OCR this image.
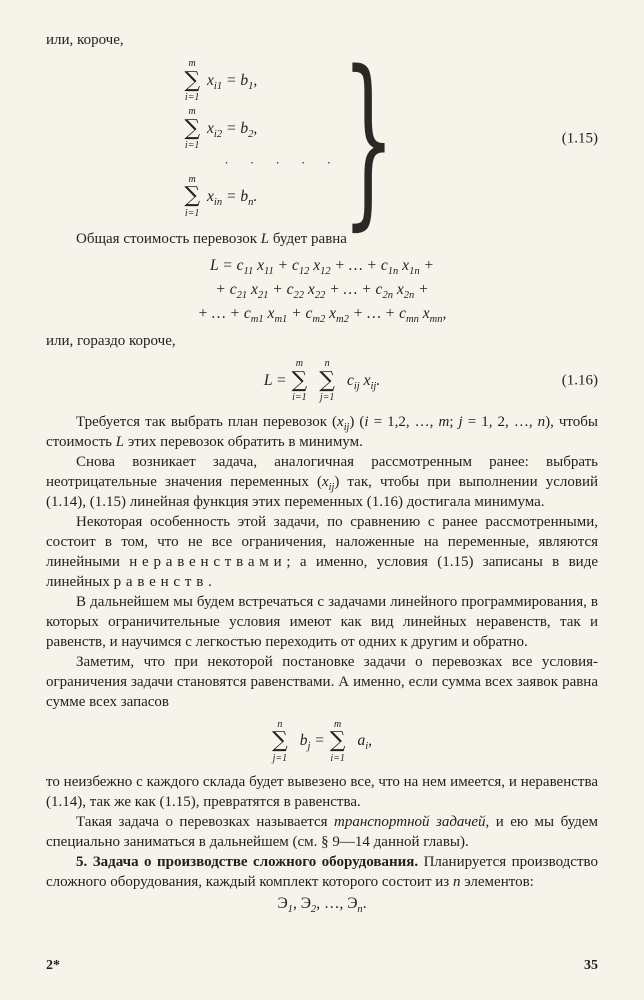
или, короче,

m
∑
i=1
$x_{i1} = b_1$,
m
∑
i=1
$x_{i2} = b_2$,
· · · · ·
m
∑
i=1
$x_{in} = b_n$. }	(1.15)

Общая стоимость перевозок L будет равна

$L = c_{11}$ $x_{11} + c_{12}$ $x_{12}$ + … + $c_{1n}$ $x_{1n}$ +
+ $c_{21}$ $x_{21} + c_{22}$ $x_{22}$ + … + $c_{2n}$ $x_{2n}$ +
+ … + $c_{m1}$ $x_{m1} + c_{m2}$ $x_{m2}$ + … + $c_{mn}$ $x_{mn}$,

или, гораздо короче,

L =
m
∑
i=1
n
∑
j=1
$c_{ij}$ $x_{ij}$.	(1.16)

Требуется так выбрать план перевозок $(x_{ij}) (i = 1,2$, …, m; j = 1, 2, …, n), чтобы стоимость L этих перевозок обратить в минимум.

Снова возникает задача, аналогичная рассмотренным ранее: выбрать неотрицательные значения переменных $(x_{ij})$ так, чтобы при выполнении условий (1.14), (1.15) линейная функция этих переменных (1.16) достигала минимума.

Некоторая особенность этой задачи, по сравнению с ранее рассмотренными, состоит в том, что не все ограничения, наложенные на переменные, являются линейными неравенствами; а именно, условия (1.15) записаны в виде линейных равенств.

В дальнейшем мы будем встречаться с задачами линейного программирования, в которых ограничительные условия имеют как вид линейных неравенств, так и равенств, и научимся с легкостью переходить от одних к другим и обратно.

Заметим, что при некоторой постановке задачи о перевозках все условия-ограничения задачи становятся равенствами. А именно, если сумма всех заявок равна сумме всех запасов

n
∑
j=1
$b_j$ =
m
∑
i=1
$a_i$,

то неизбежно с каждого склада будет вывезено все, что на нем имеется, и неравенства (1.14), так же как (1.15), превратятся в равенства.

Такая задача о перевозках называется транспортной задачей, и ею мы будем специально заниматься в дальнейшем (см. § 9—14 данной главы).

5. Задача о производстве сложного оборудования. Планируется производство сложного оборудования, каждый комплект которого состоит из n элементов:

$Э_1$, $Э_2$, …, $Э_n$.
2*	35
